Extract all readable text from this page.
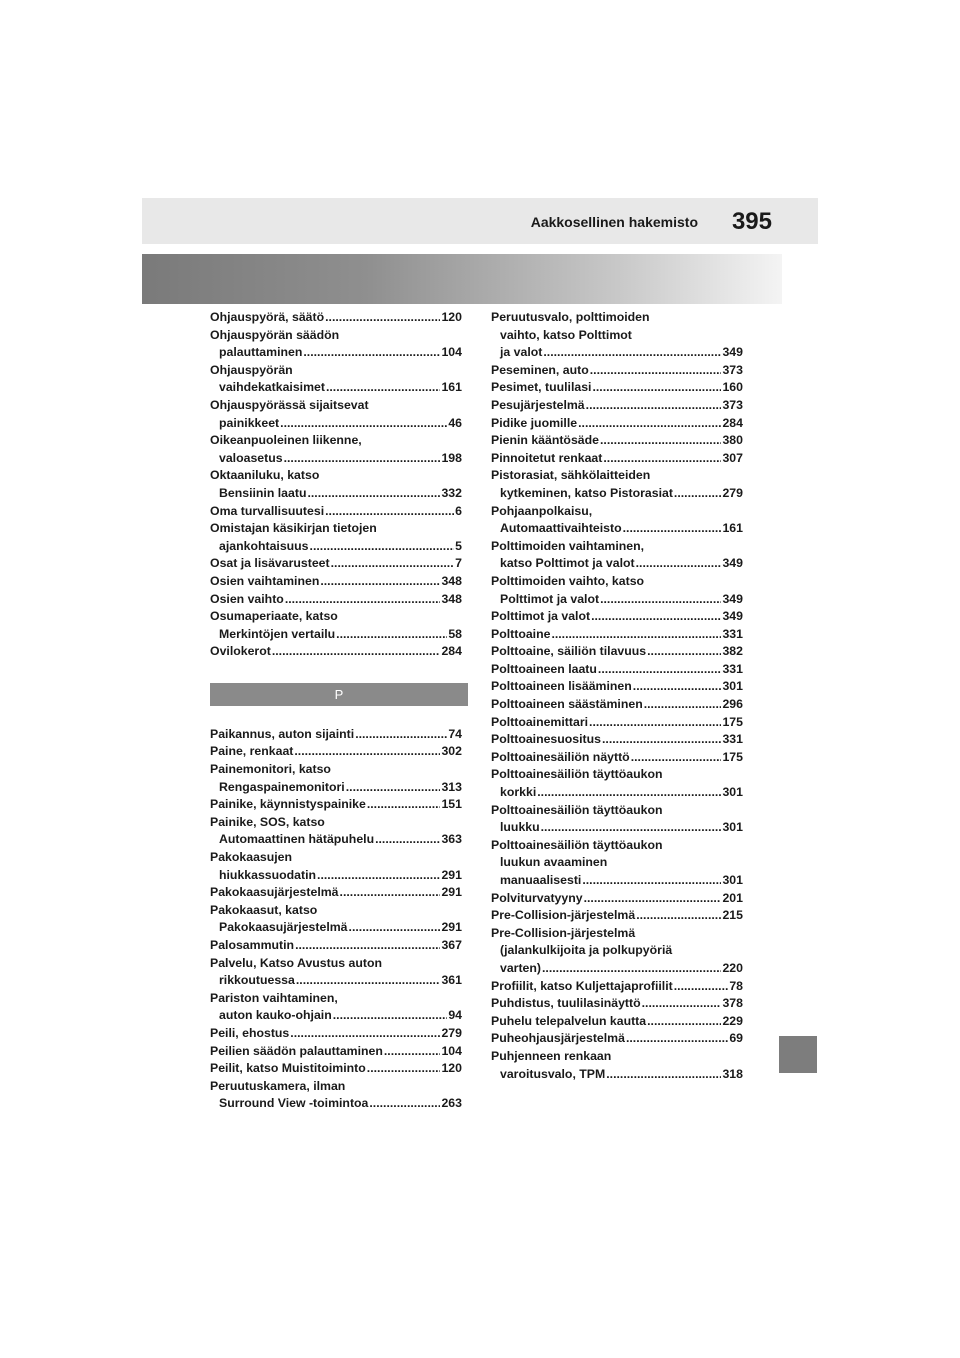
Aakkosellinen hakemisto 395
Ohjauspyörä, säätö .....	120
Ohjauspyörän säädön
palauttaminen .....	104
Ohjauspyörän
vaihdekatkaisimet .....	161
Ohjauspyörässä sijaitsevat
painikkeet .....	46
Oikeanpuoleinen liikenne,
valoasetus .....	198
Oktaaniluku, katso
Bensiinin laatu .....	332
Oma turvallisuutesi .....	6
Omistajan käsikirjan tietojen
ajankohtaisuus .....	5
Osat ja lisävarusteet .....	7
Osien vaihtaminen .....	348
Osien vaihto .....	348
Osumaperiaate, katso
Merkintöjen vertailu .....	58
Ovilokerot .....	284
P
Paikannus, auton sijainti .....	74
Paine, renkaat .....	302
Painemonitori, katso
Rengaspainemonitori .....	313
Painike, käynnistyspainike .....	151
Painike, SOS, katso
Automaattinen hätäpuhelu .....	363
Pakokaasujen
hiukkassuodatin .....	291
Pakokaasujärjestelmä .....	291
Pakokaasut, katso
Pakokaasujärjestelmä .....	291
Palosammutin .....	367
Palvelu, Katso Avustus auton
rikkoutuessa .....	361
Pariston vaihtaminen,
auton kauko-ohjain .....	94
Peili, ehostus .....	279
Peilien säädön palauttaminen .....	104
Peilit, katso Muistitoiminto .....	120
Peruutuskamera, ilman
Surround View -toimintoa .....	263
Peruutusvalo, polttimoiden
vaihto, katso Polttimot
ja valot .....	349
Peseminen, auto .....	373
Pesimet, tuulilasi .....	160
Pesujärjestelmä .....	373
Pidike juomille .....	284
Pienin kääntösäde .....	380
Pinnoitetut renkaat .....	307
Pistorasiat, sähkölaitteiden
kytkeminen, katso Pistorasiat .....	279
Pohjaanpolkaisu,
Automaattivaihteisto .....	161
Polttimoiden vaihtaminen,
katso Polttimot ja valot .....	349
Polttimoiden vaihto, katso
Polttimot ja valot .....	349
Polttimot ja valot .....	349
Polttoaine .....	331
Polttoaine, säiliön tilavuus .....	382
Polttoaineen laatu .....	331
Polttoaineen lisääminen .....	301
Polttoaineen säästäminen .....	296
Polttoainemittari .....	175
Polttoainesuositus .....	331
Polttoainesäiliön näyttö .....	175
Polttoainesäiliön täyttöaukon
korkki .....	301
Polttoainesäiliön täyttöaukon
luukku .....	301
Polttoainesäiliön täyttöaukon
luukun avaaminen
manuaalisesti .....	301
Polviturvatyyny .....	201
Pre-Collision-järjestelmä .....	215
Pre-Collision-järjestelmä
(jalankulkijoita ja polkupyöriä
varten) .....	220
Profiilit, katso Kuljettajaprofiilit .....	78
Puhdistus, tuulilasinäyttö .....	378
Puhelu telepalvelun kautta .....	229
Puheohjausjärjestelmä .....	69
Puhjenneen renkaan
varoitusvalo, TPM .....	318
